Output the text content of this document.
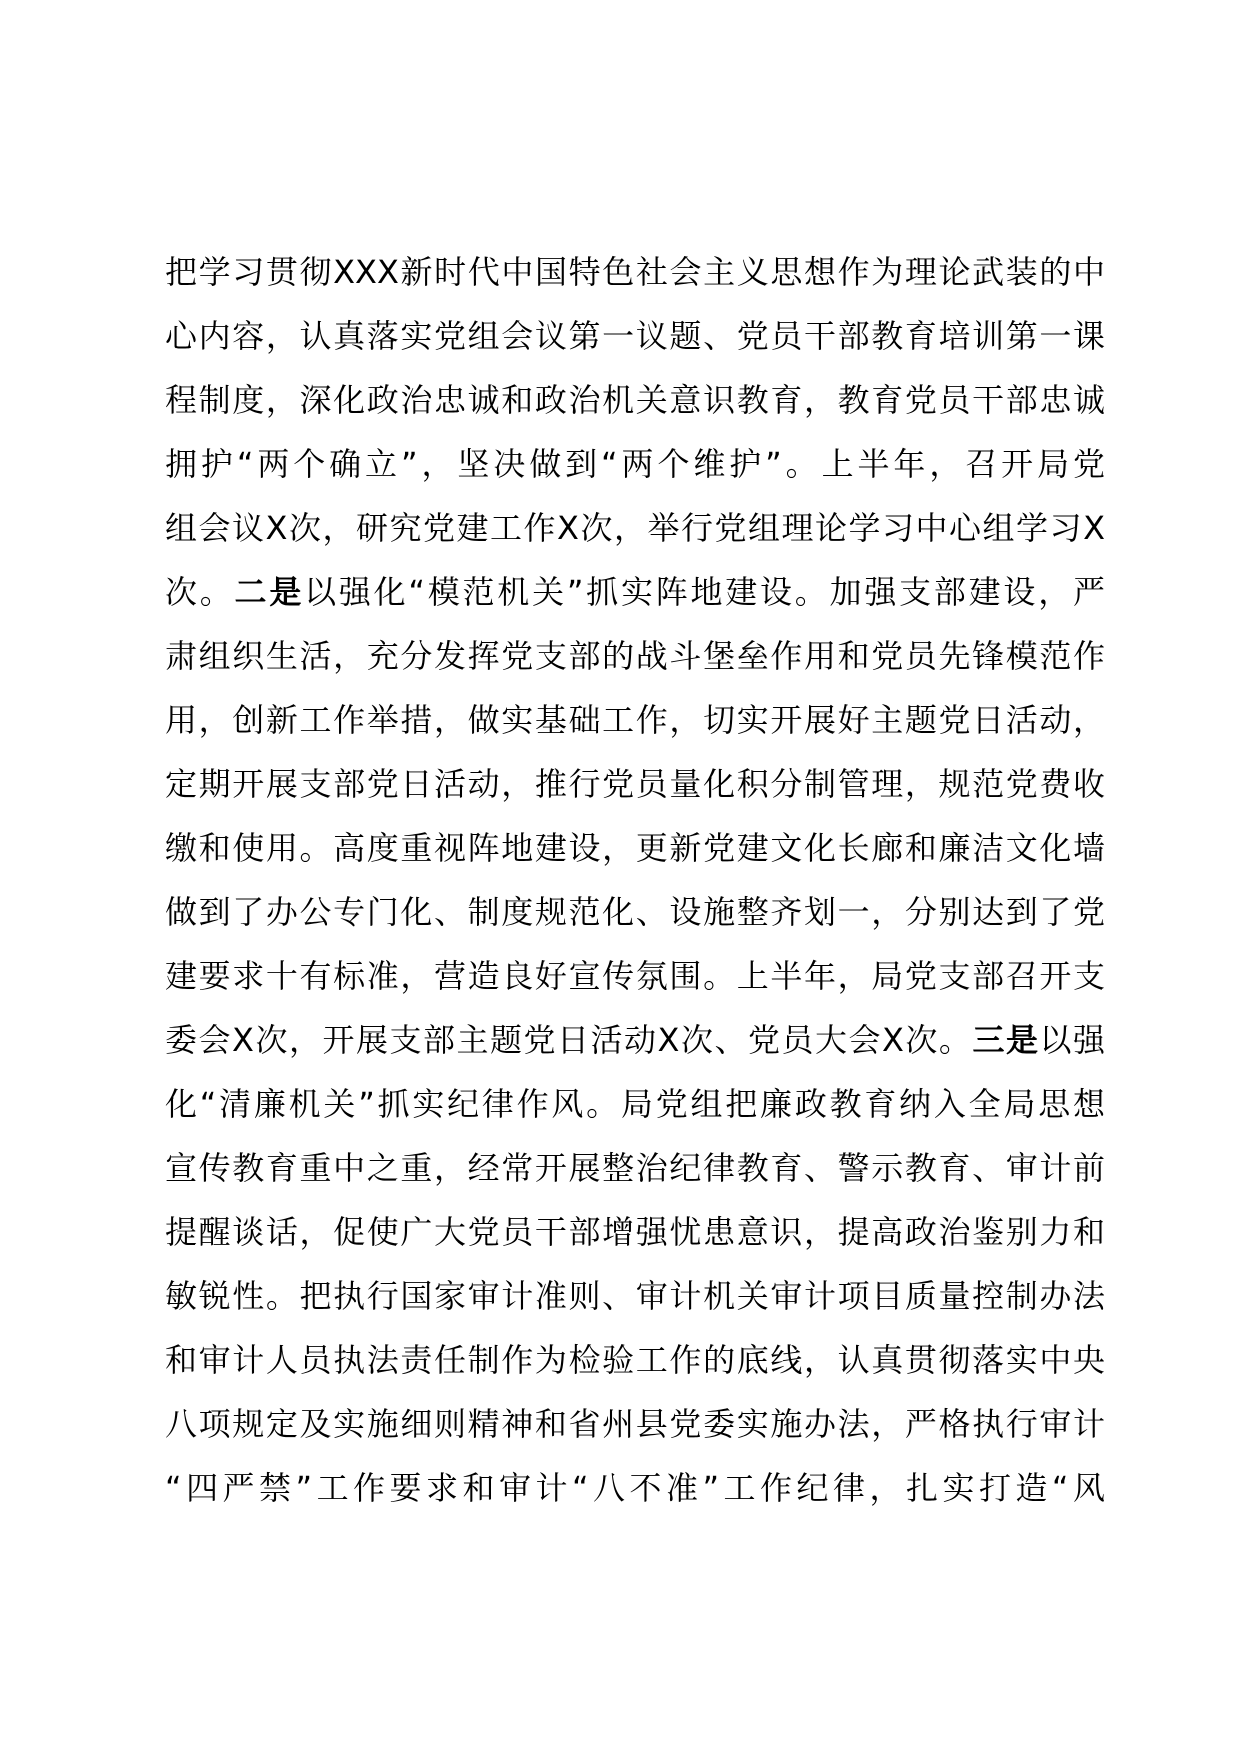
把学习贯彻XXX新时代中国特色社会主义思想作为理论武装的中
心内容，认真落实党组会议第一议题、党员干部教育培训第一课
程制度，深化政治忠诚和政治机关意识教育，教育党员干部忠诚
拥护“两个确立”，坚决做到“两个维护”。上半年，召开局党
组会议X次，研究党建工作X次，举行党组理论学习中心组学习X
次。二是以强化“模范机关”抓实阵地建设。加强支部建设，严
肃组织生活，充分发挥党支部的战斗堡垒作用和党员先锋模范作
用，创新工作举措，做实基础工作，切实开展好主题党日活动，
定期开展支部党日活动，推行党员量化积分制管理，规范党费收
缴和使用。高度重视阵地建设，更新党建文化长廊和廉洁文化墙
做到了办公专门化、制度规范化、设施整齐划一，分别达到了党
建要求十有标准，营造良好宣传氛围。上半年，局党支部召开支
委会X次，开展支部主题党日活动X次、党员大会X次。三是以强
化“清廉机关”抓实纪律作风。局党组把廉政教育纳入全局思想
宣传教育重中之重，经常开展整治纪律教育、警示教育、审计前
提醒谈话，促使广大党员干部增强忧患意识，提高政治鉴别力和
敏锐性。把执行国家审计准则、审计机关审计项目质量控制办法
和审计人员执法责任制作为检验工作的底线，认真贯彻落实中央
八项规定及实施细则精神和省州县党委实施办法，严格执行审计
“四严禁”工作要求和审计“八不准”工作纪律，扎实打造“风
